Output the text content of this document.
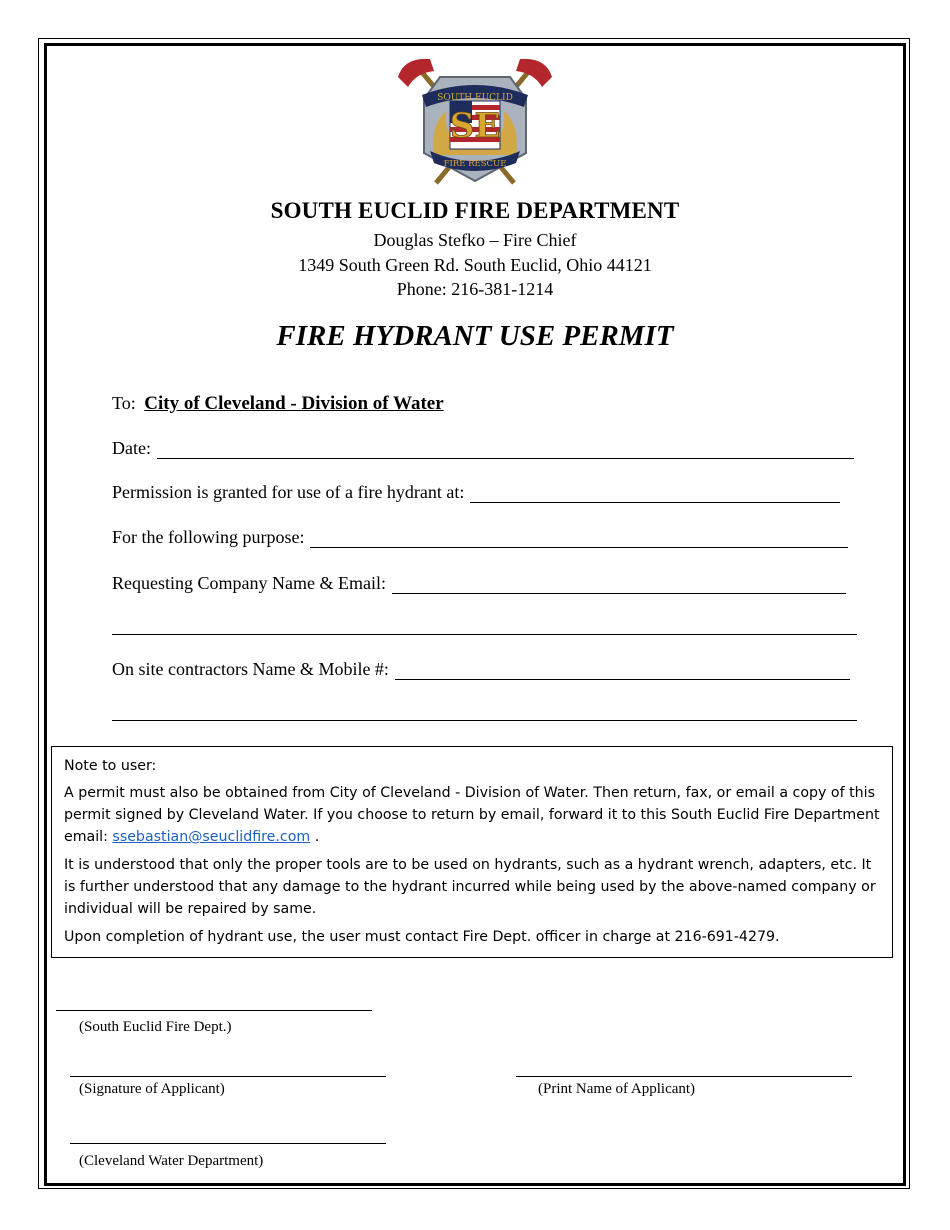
SE
SOUTH EUCLID
FIRE RESCUE
SOUTH EUCLID FIRE DEPARTMENT
Douglas Stefko – Fire Chief
1349 South Green Rd. South Euclid, Ohio 44121
Phone: 216-381-1214
FIRE HYDRANT USE PERMIT
To: City of Cleveland - Division of Water
Date:
Permission is granted for use of a fire hydrant at:
For the following purpose:
Requesting Company Name & Email:
On site contractors Name & Mobile #:

Note to user:

A permit must also be obtained from City of Cleveland - Division of Water. Then return, fax, or email a copy of this permit signed by Cleveland Water. If you choose to return by email, forward it to this South Euclid Fire Department email: ssebastian@seuclidfire.com .

It is understood that only the proper tools are to be used on hydrants, such as a hydrant wrench, adapters, etc. It is further understood that any damage to the hydrant incurred while being used by the above-named company or individual will be repaired by same.

Upon completion of hydrant use, the user must contact Fire Dept. officer in charge at 216-691-4279.

(South Euclid Fire Dept.)
(Signature of Applicant)	(Print Name of Applicant)
(Cleveland Water Department)
